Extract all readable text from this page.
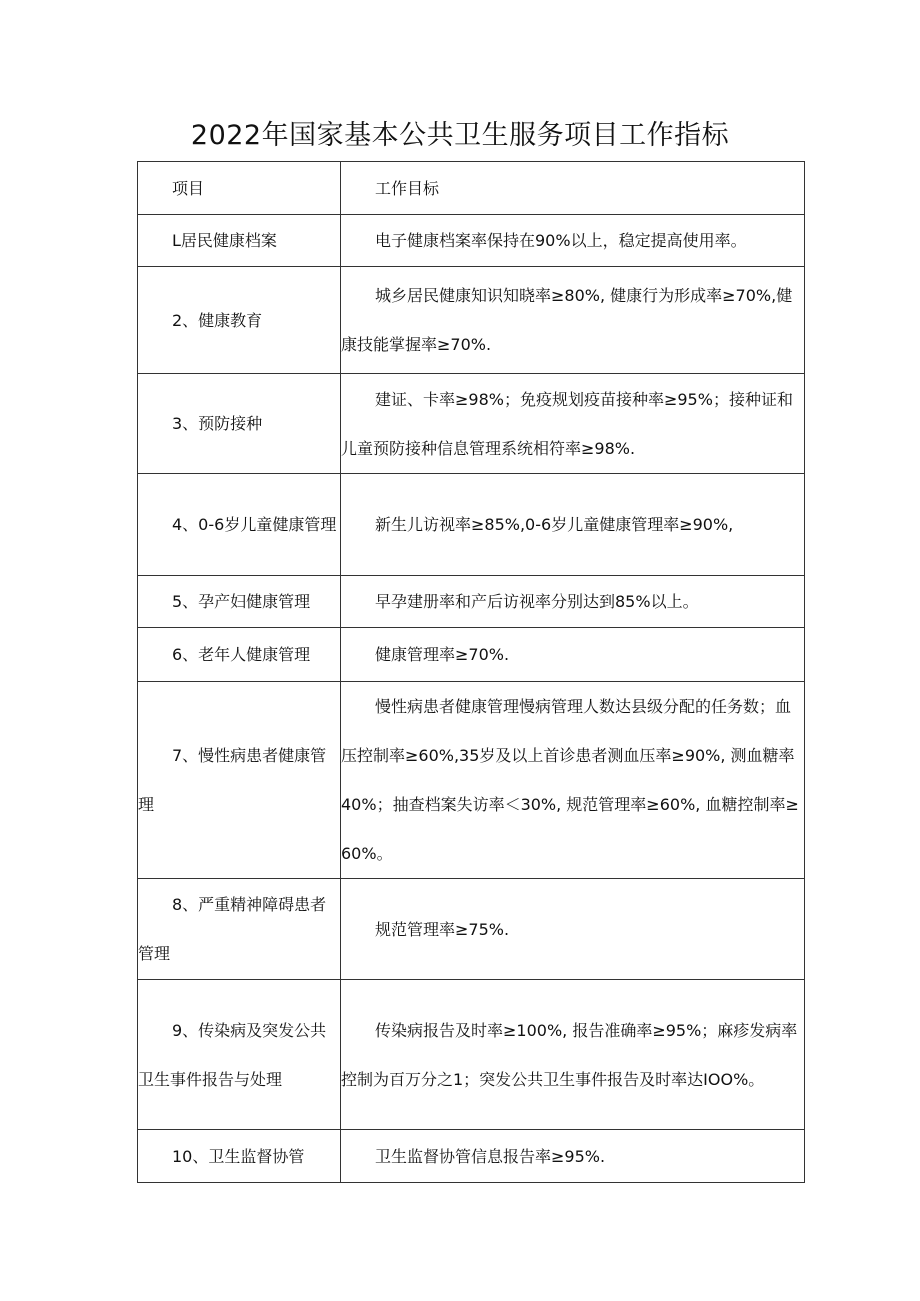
2022年国家基本公共卫生服务项目工作指标
项目	工作目标
L居民健康档案	电子健康档案率保持在90%以上，稳定提高使用率。
2、健康教育	城乡居民健康知识知晓率≥80%, 健康行为形成率≥70%,健康技能掌握率≥70%.
3、预防接种	建证、卡率≥98%；免疫规划疫苗接种率≥95%；接种证和儿童预防接种信息管理系统相符率≥98%.
4、0-6岁儿童健康管理	新生儿访视率≥85%,0-6岁儿童健康管理率≥90%,
5、孕产妇健康管理	早孕建册率和产后访视率分别达到85%以上。
6、老年人健康管理	健康管理率≥70%.
7、慢性病患者健康管理	慢性病患者健康管理慢病管理人数达县级分配的任务数；血压控制率≥60%,35岁及以上首诊患者测血压率≥90%, 测血糖率40%；抽查档案失访率＜30%, 规范管理率≥60%, 血糖控制率≥60%。
8、严重精神障碍患者管理	规范管理率≥75%.
9、传染病及突发公共卫生事件报告与处理	传染病报告及时率≥100%, 报告准确率≥95%；麻疹发病率控制为百万分之1；突发公共卫生事件报告及时率达IOO%。
10、卫生监督协管	卫生监督协管信息报告率≥95%.
